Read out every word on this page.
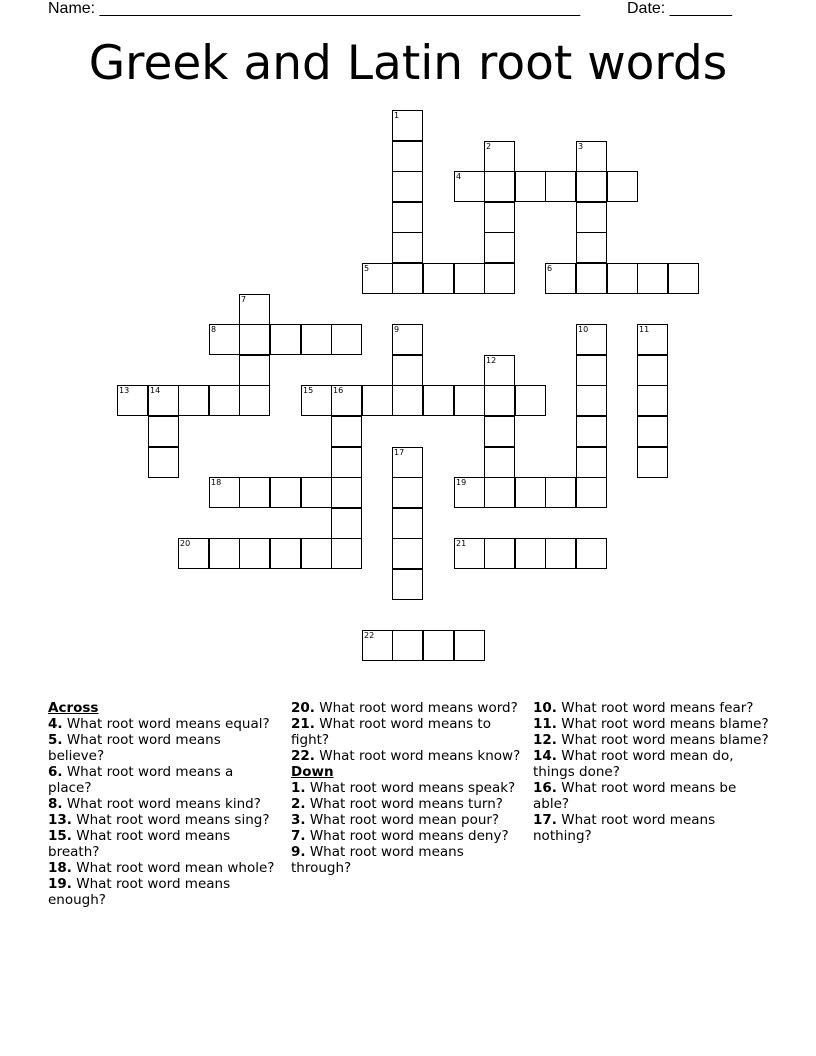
Name: ______________________________________________________	Date: _______
Greek and Latin root words
1
2	3
4
5	6
7
8	9	10	11
12
13	14	15 16
17
18	19
20	21
22
Across
4. What root word means equal?
5. What root word means believe?
6. What root word means a place?
8. What root word means kind?
13. What root word means sing?
15. What root word means breath?
18. What root word mean whole?
19. What root word means enough?
20. What root word means word?
21. What root word means to fight?
22. What root word means know?
Down
1. What root word means speak?
2. What root word means turn?
3. What root word mean pour?
7. What root word means deny?
9. What root word means through?
10. What root word means fear?
11. What root word means blame?
12. What root word means blame?
14. What root word mean do, things done?
16. What root word means be able?
17. What root word means nothing?
